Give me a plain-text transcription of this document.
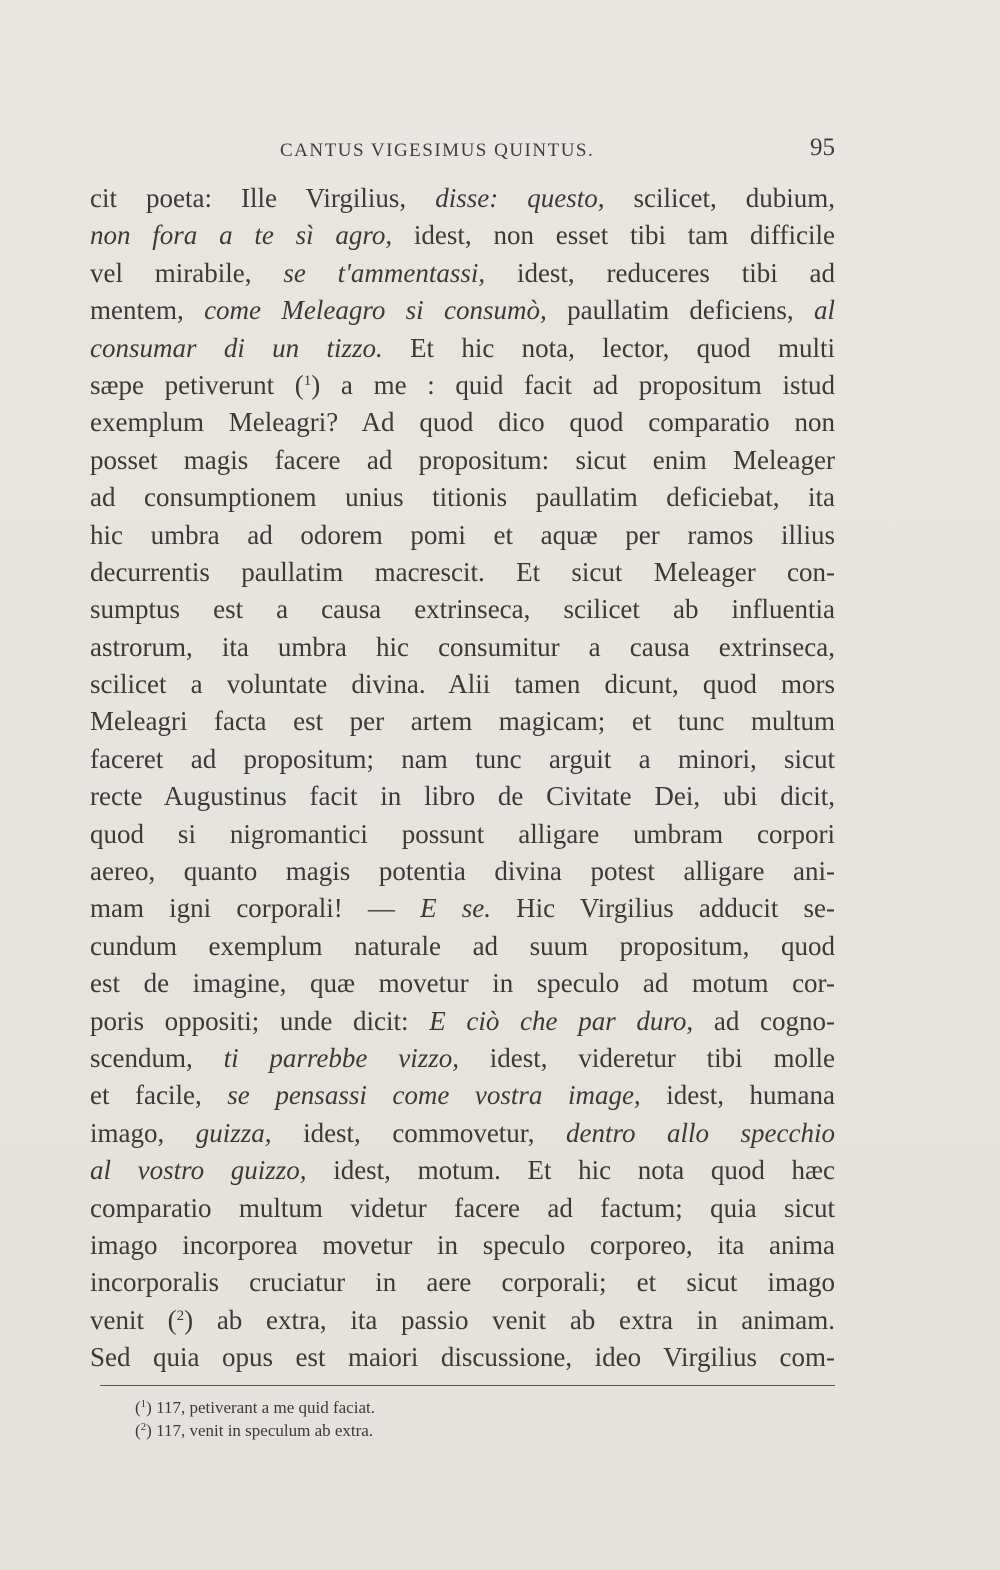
CANTUS VIGESIMUS QUINTUS.	95
cit poeta: Ille Virgilius, disse: questo, scilicet, dubium,
non fora a te sì agro, idest, non esset tibi tam difficile
vel mirabile, se t'ammentassi, idest, reduceres tibi ad
mentem, come Meleagro si consumò, paullatim deficiens, al
consumar di un tizzo. Et hic nota, lector, quod multi
sæpe petiverunt ($^1$) a me : quid facit ad propositum istud
exemplum Meleagri? Ad quod dico quod comparatio non
posset magis facere ad propositum: sicut enim Meleager
ad consumptionem unius titionis paullatim deficiebat, ita
hic umbra ad odorem pomi et aquæ per ramos illius
decurrentis paullatim macrescit. Et sicut Meleager con-
sumptus est a causa extrinseca, scilicet ab influentia
astrorum, ita umbra hic consumitur a causa extrinseca,
scilicet a voluntate divina. Alii tamen dicunt, quod mors
Meleagri facta est per artem magicam; et tunc multum
faceret ad propositum; nam tunc arguit a minori, sicut
recte Augustinus facit in libro de Civitate Dei, ubi dicit,
quod si nigromantici possunt alligare umbram corpori
aereo, quanto magis potentia divina potest alligare ani-
mam igni corporali! — E se. Hic Virgilius adducit se-
cundum exemplum naturale ad suum propositum, quod
est de imagine, quæ movetur in speculo ad motum cor-
poris oppositi; unde dicit: E ciò che par duro, ad cogno-
scendum, ti parrebbe vizzo, idest, videretur tibi molle
et facile, se pensassi come vostra image, idest, humana
imago, guizza, idest, commovetur, dentro allo specchio
al vostro guizzo, idest, motum. Et hic nota quod hæc
comparatio multum videtur facere ad factum; quia sicut
imago incorporea movetur in speculo corporeo, ita anima
incorporalis cruciatur in aere corporali; et sicut imago
venit ($^2$) ab extra, ita passio venit ab extra in animam.
Sed quia opus est maiori discussione, ideo Virgilius com-
($^1$) 117, petiverant a me quid faciat.
($^2$) 117, venit in speculum ab extra.
